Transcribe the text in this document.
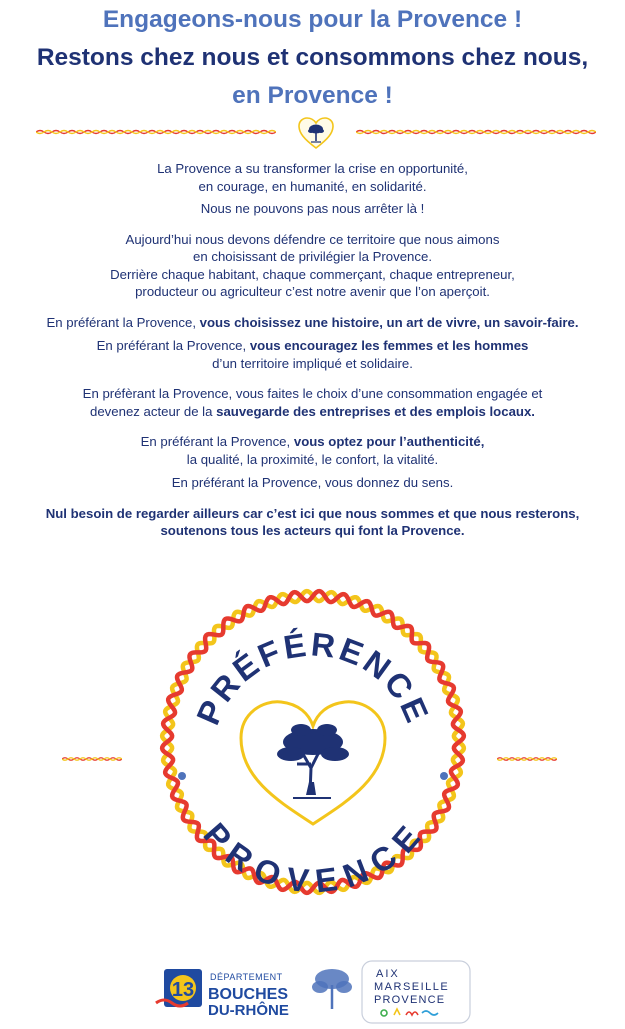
Engageons-nous pour la Provence !
Restons chez nous et consommons chez nous,
en Provence !

La Provence a su transformer la crise en opportunité,

en courage, en humanité, en solidarité.

Nous ne pouvons pas nous arrêter là !

Aujourd’hui nous devons défendre ce territoire que nous aimons

en choisissant de privilégier la Provence.

Derrière chaque habitant, chaque commerçant, chaque entrepreneur,

producteur ou agriculteur c’est notre avenir que l’on aperçoit.

En préférant la Provence, vous choisissez une histoire, un art de vivre, un savoir-faire.

En préférant la Provence, vous encouragez les femmes et les hommes

d’un territoire impliqué et solidaire.

En préfèrant la Provence, vous faites le choix d’une consommation engagée et

devenez acteur de la sauvegarde des entreprises et des emplois locaux.

En préférant la Provence, vous optez pour l’authenticité,

la qualité, la proximité, le confort, la vitalité.

En préférant la Provence, vous donnez du sens.

Nul besoin de regarder ailleurs car c’est ici que nous sommes et que nous resterons,

soutenons tous les acteurs qui font la Provence.

PRÉFÉRENCE
PROVENCE
13
DÉPARTEMENT
BOUCHES
DU-RHÔNE
AIX
MARSEILLE
PROVENCE
